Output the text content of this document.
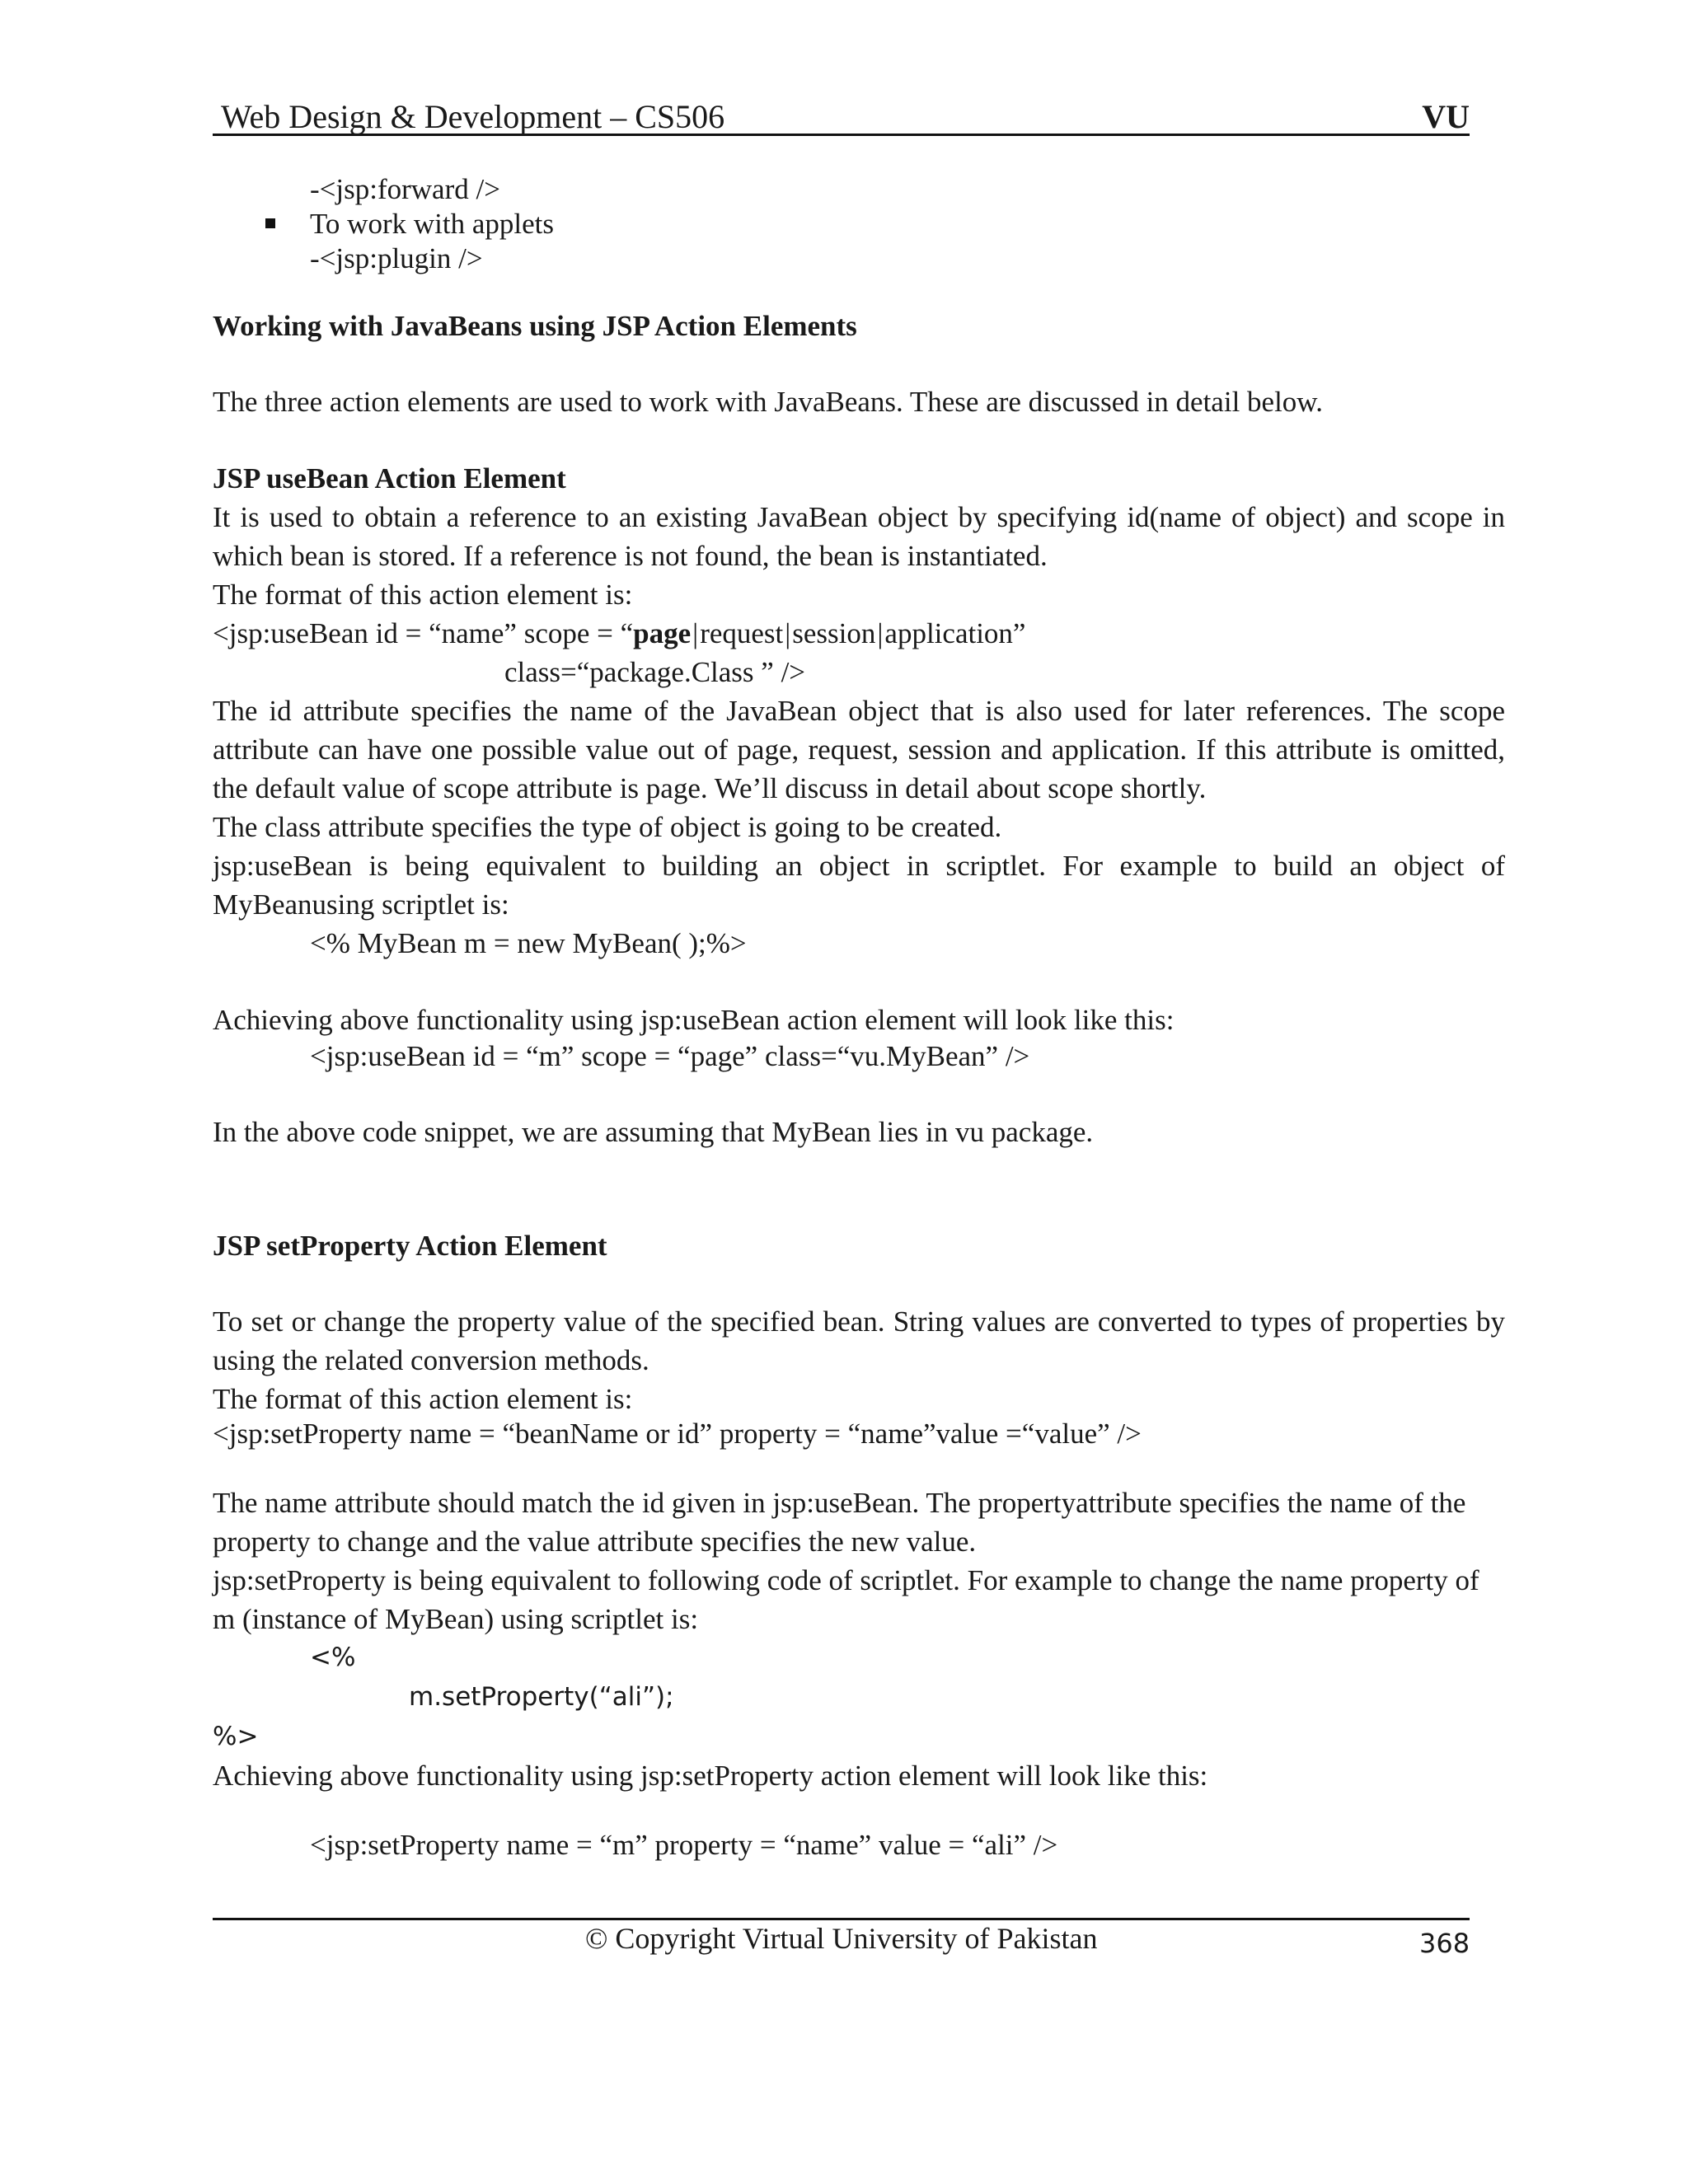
Web Design & Development – CS506	VU
-<jsp:forward />
To work with applets
-<jsp:plugin />
Working with JavaBeans using JSP Action Elements
The three action elements are used to work with JavaBeans. These are discussed in detail below.
JSP useBean Action Element
It is used to obtain a reference to an existing JavaBean object by specifying id(name of object) and scope in
which bean is stored. If a reference is not found, the bean is instantiated.
The format of this action element is:
<jsp:useBean id = “name” scope = “page|request|session|application”
class=“package.Class ” />
The id attribute specifies the name of the JavaBean object that is also used for later references. The scope
attribute can have one possible value out of page, request, session and application. If this attribute is omitted,
the default value of scope attribute is page. We’ll discuss in detail about scope shortly.
The class attribute specifies the type of object is going to be created.
jsp:useBean is being equivalent to building an object in scriptlet. For example to build an object of
MyBeanusing scriptlet is:
<% MyBean m = new MyBean( );%>
Achieving above functionality using jsp:useBean action element will look like this:
<jsp:useBean id = “m” scope = “page” class=“vu.MyBean” />
In the above code snippet, we are assuming that MyBean lies in vu package.
JSP setProperty Action Element
To set or change the property value of the specified bean. String values are converted to types of properties by
using the related conversion methods.
The format of this action element is:
<jsp:setProperty name = “beanName or id” property = “name”value =“value” />
The name attribute should match the id given in jsp:useBean. The propertyattribute specifies the name of the
property to change and the value attribute specifies the new value.
jsp:setProperty is being equivalent to following code of scriptlet. For example to change the name property of
m (instance of MyBean) using scriptlet is:
<%
m.setProperty(“ali”);
%>
Achieving above functionality using jsp:setProperty action element will look like this:
<jsp:setProperty name = “m” property = “name” value = “ali” />
© Copyright Virtual University of Pakistan	368
